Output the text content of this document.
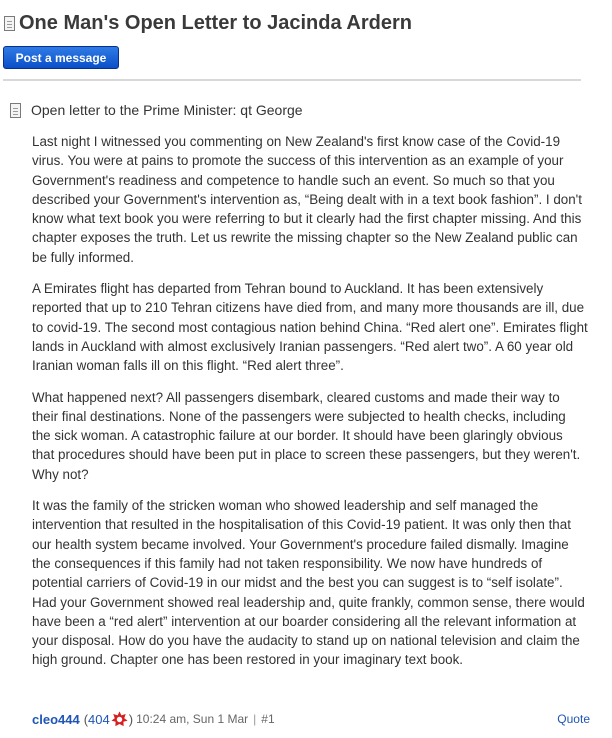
One Man's Open Letter to Jacinda Ardern
Post a message
Open letter to the Prime Minister: qt George

Last night I witnessed you commenting on New Zealand's first know case of the Covid-19 virus. You were at pains to promote the success of this intervention as an example of your Government's readiness and competence to handle such an event. So much so that you described your Government's intervention as, “Being dealt with in a text book fashion”. I don't know what text book you were referring to but it clearly had the first chapter missing. And this chapter exposes the truth. Let us rewrite the missing chapter so the New Zealand public can be fully informed.

A Emirates flight has departed from Tehran bound to Auckland. It has been extensively reported that up to 210 Tehran citizens have died from, and many more thousands are ill, due to covid-19. The second most contagious nation behind China. “Red alert one”. Emirates flight lands in Auckland with almost exclusively Iranian passengers. “Red alert two”. A 60 year old Iranian woman falls ill on this flight. “Red alert three”.

What happened next? All passengers disembark, cleared customs and made their way to their final destinations. None of the passengers were subjected to health checks, including the sick woman. A catastrophic failure at our border. It should have been glaringly obvious that procedures should have been put in place to screen these passengers, but they weren't. Why not?

It was the family of the stricken woman who showed leadership and self managed the intervention that resulted in the hospitalisation of this Covid-19 patient. It was only then that our health system became involved. Your Government's procedure failed dismally. Imagine the consequences if this family had not taken responsibility. We now have hundreds of potential carriers of Covid-19 in our midst and the best you can suggest is to “self isolate”. Had your Government showed real leadership and, quite frankly, common sense, there would have been a “red alert” intervention at our boarder considering all the relevant information at your disposal. How do you have the audacity to stand up on national television and claim the high ground. Chapter one has been restored in your imaginary text book.

cleo444 (404 ) 10:24 am, Sun 1 Mar | #1	Quote
